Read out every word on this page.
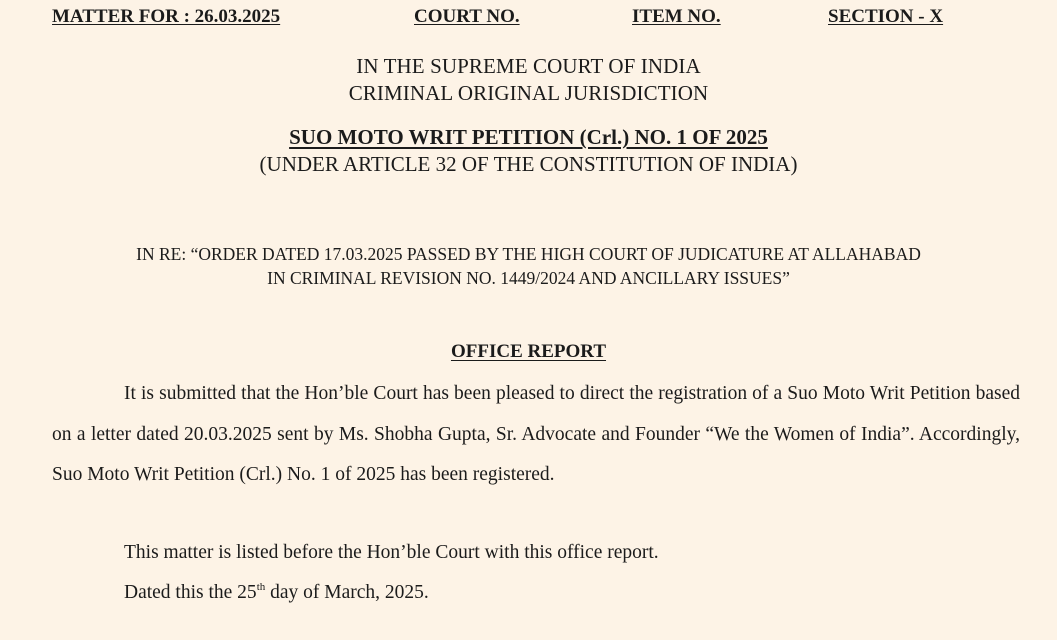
MATTER FOR : 26.03.2025	COURT NO.	ITEM NO.	SECTION - X
IN THE SUPREME COURT OF INDIA
CRIMINAL ORIGINAL JURISDICTION
SUO MOTO WRIT PETITION (Crl.) NO. 1 OF 2025
(UNDER ARTICLE 32 OF THE CONSTITUTION OF INDIA)
IN RE: “ORDER DATED 17.03.2025 PASSED BY THE HIGH COURT OF JUDICATURE AT ALLAHABAD
IN CRIMINAL REVISION NO. 1449/2024 AND ANCILLARY ISSUES”
OFFICE REPORT
It is submitted that the Hon’ble Court has been pleased to direct the registration of a Suo Moto Writ Petition based on a letter dated 20.03.2025 sent by Ms. Shobha Gupta, Sr. Advocate and Founder “We the Women of India”. Accordingly, Suo Moto Writ Petition (Crl.) No. 1 of 2025 has been registered.
This matter is listed before the Hon’ble Court with this office report.
Dated this the 25th day of March, 2025.
